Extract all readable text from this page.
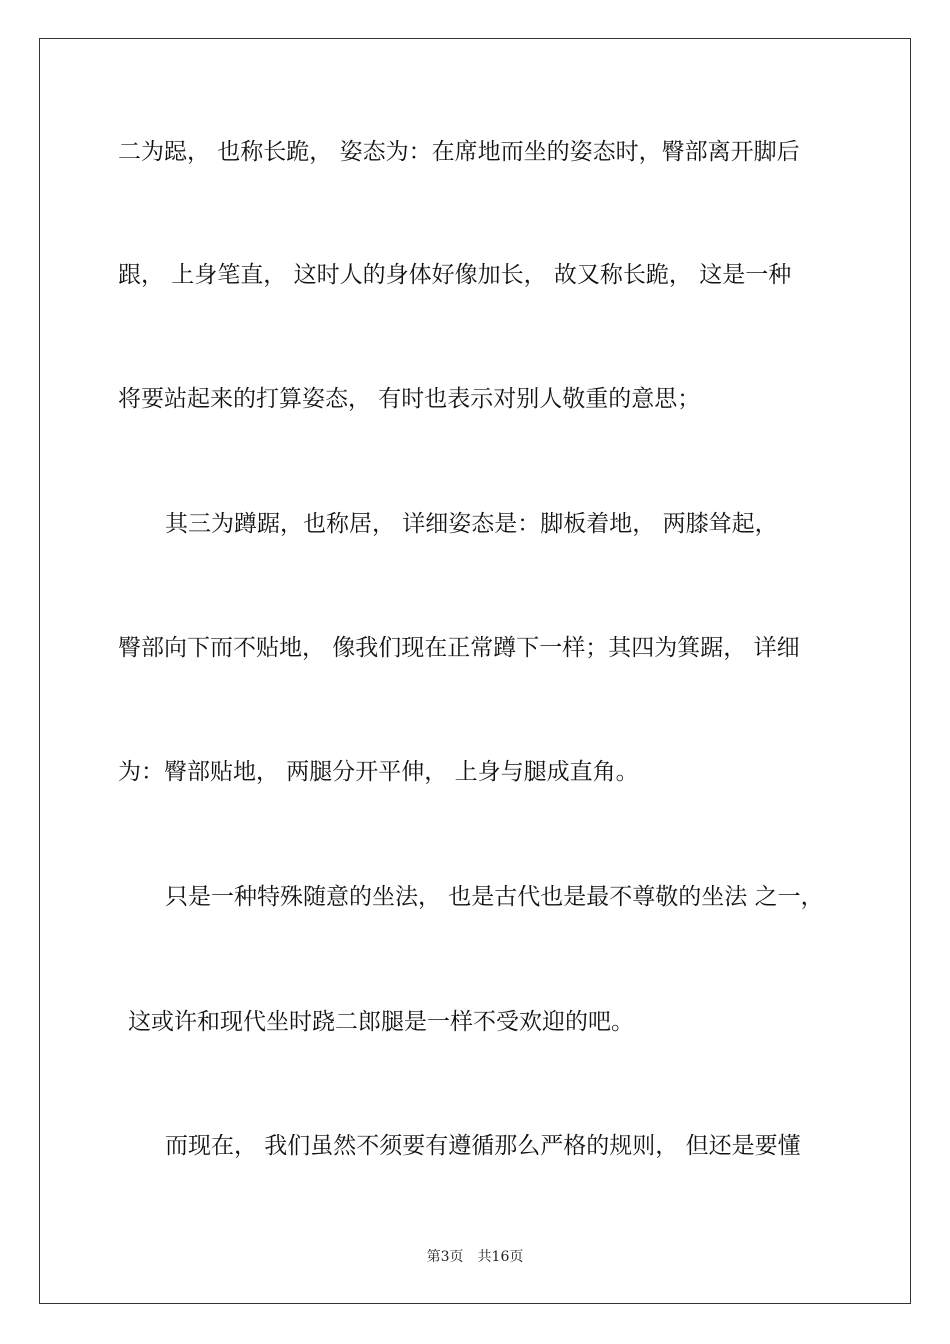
二为跽， 也称长跪， 姿态为：在席地而坐的姿态时，臀部离开脚后
跟， 上身笔直， 这时人的身体好像加长， 故又称长跪， 这是一种
将要站起来的打算姿态， 有时也表示对别人敬重的意思；
其三为蹲踞，也称居， 详细姿态是：脚板着地， 两膝耸起，
臀部向下而不贴地， 像我们现在正常蹲下一样；其四为箕踞， 详细
为：臀部贴地， 两腿分开平伸， 上身与腿成直角。
只是一种特殊随意的坐法， 也是古代也是最不尊敬的坐法 之一，
这或许和现代坐时跷二郎腿是一样不受欢迎的吧。
而现在， 我们虽然不须要有遵循那么严格的规则， 但还是要懂
第3页 共16页
